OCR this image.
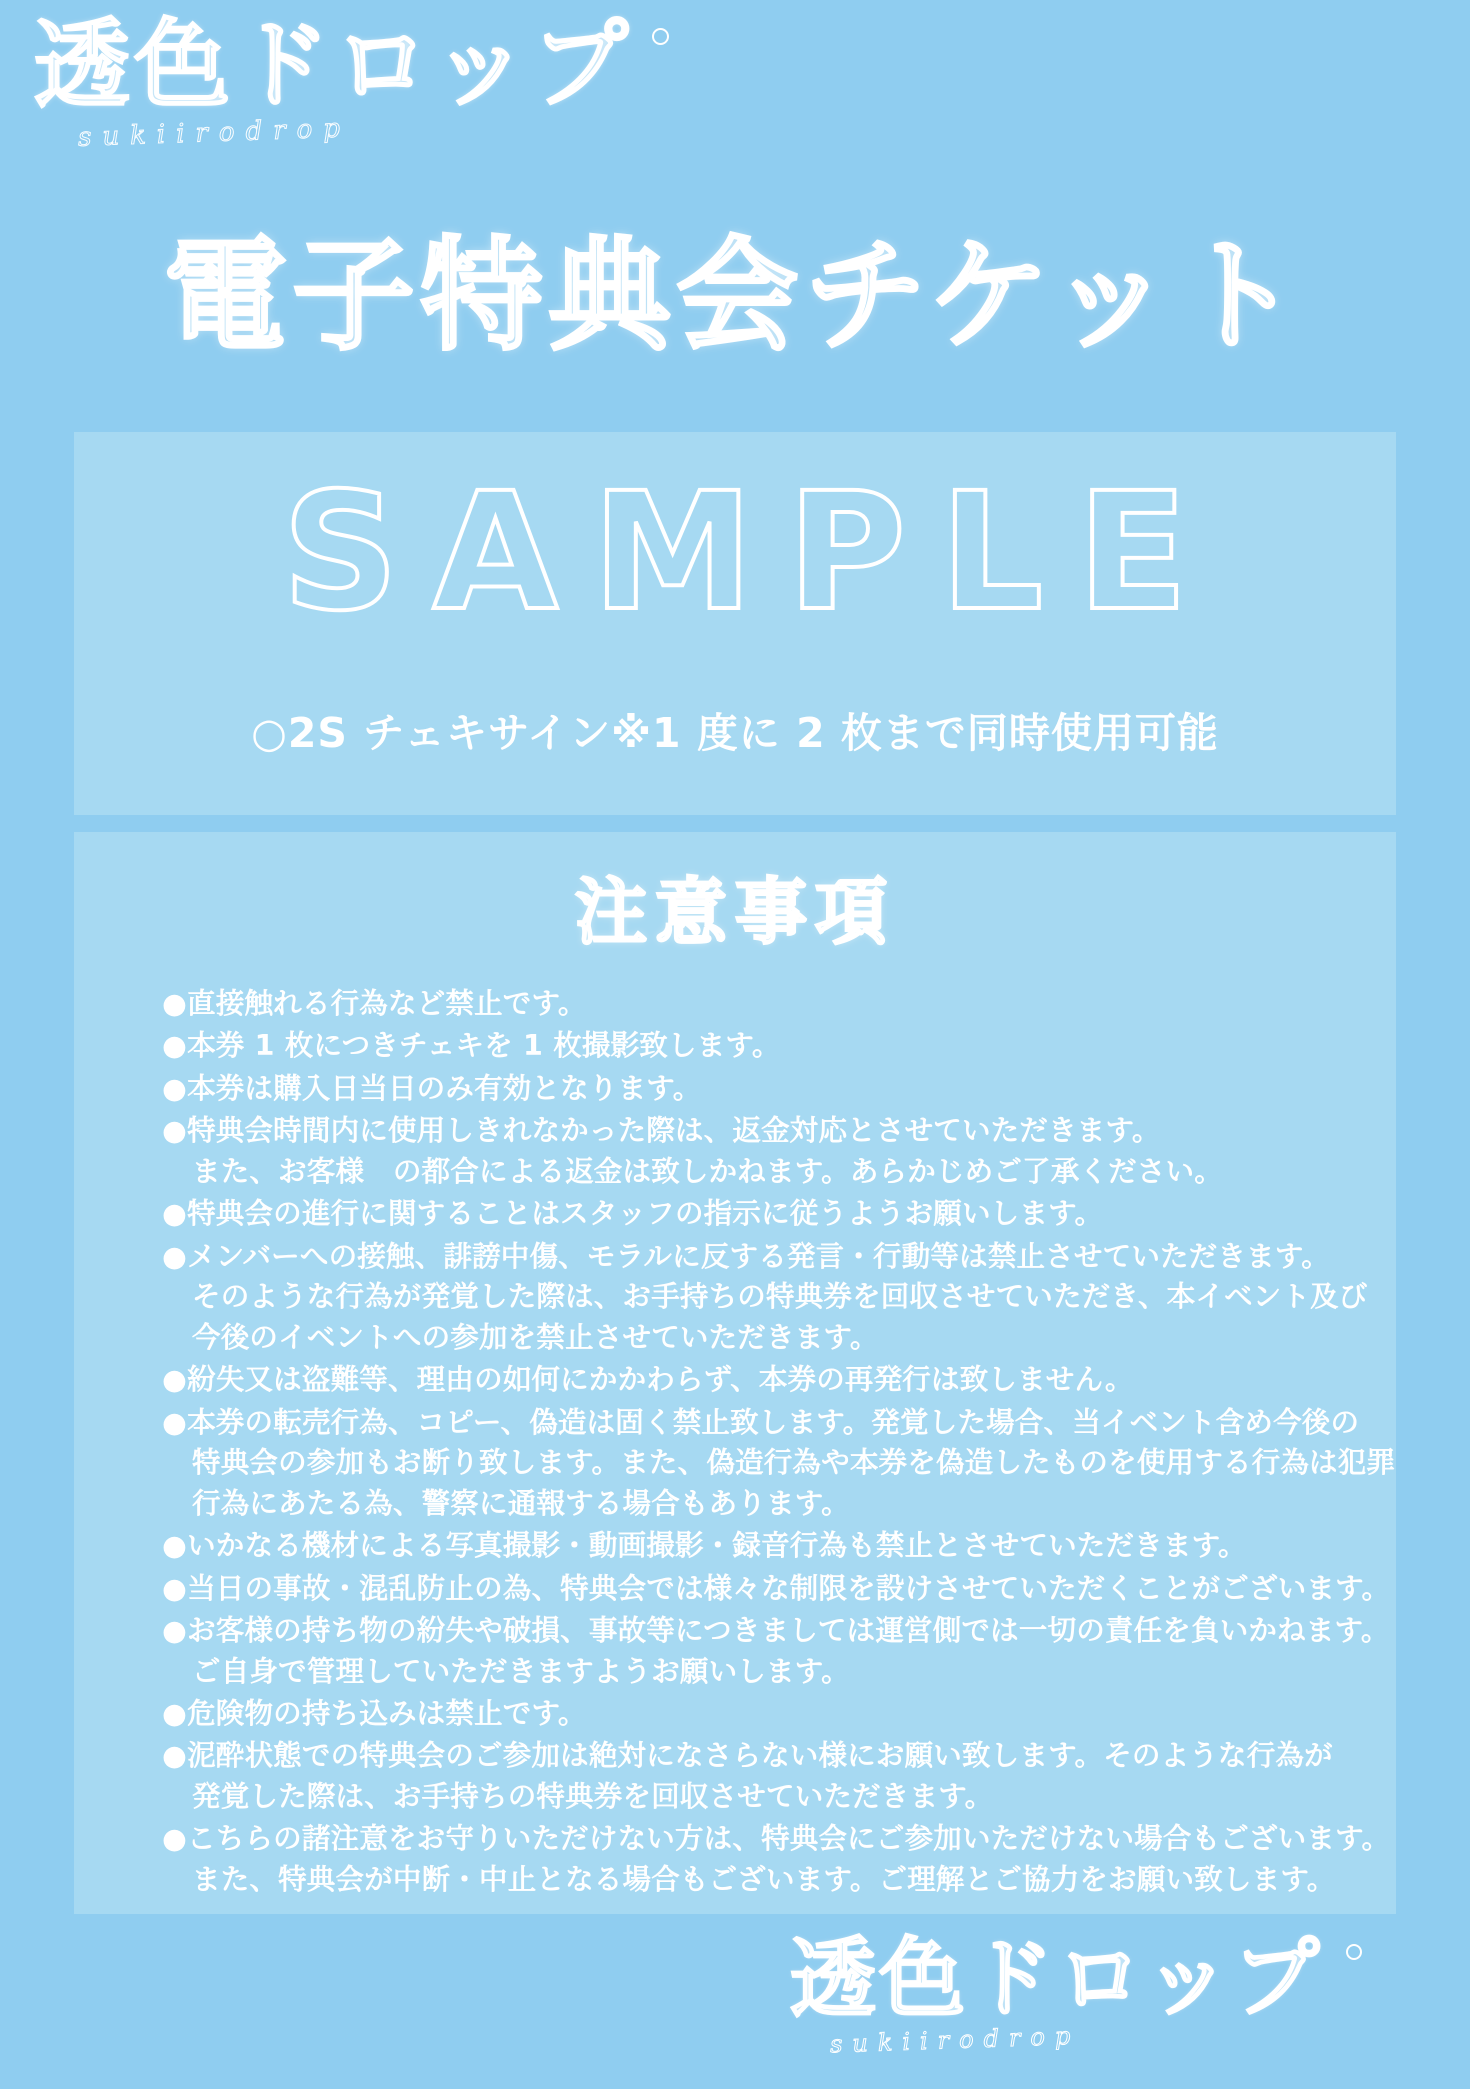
透色ドロップ
sukiirodrop
電子特典会チケット
SAMPLE
○2S チェキサイン※1 度に 2 枚まで同時使用可能
注意事項
●直接触れる行為など禁止です。
●本券 1 枚につきチェキを 1 枚撮影致します。
●本券は購入日当日のみ有効となります。
●特典会時間内に使用しきれなかった際は、返金対応とさせていただきます。
また、お客様　の都合による返金は致しかねます。あらかじめご了承ください。
●特典会の進行に関することはスタッフの指示に従うようお願いします。
●メンバーへの接触、誹謗中傷、モラルに反する発言・行動等は禁止させていただきます。
そのような行為が発覚した際は、お手持ちの特典券を回収させていただき、本イベント及び
今後のイベントへの参加を禁止させていただきます。
●紛失又は盗難等、理由の如何にかかわらず、本券の再発行は致しません。
●本券の転売行為、コピー、偽造は固く禁止致します。発覚した場合、当イベント含め今後の
特典会の参加もお断り致します。また、偽造行為や本券を偽造したものを使用する行為は犯罪
行為にあたる為、警察に通報する場合もあります。
●いかなる機材による写真撮影・動画撮影・録音行為も禁止とさせていただきます。
●当日の事故・混乱防止の為、特典会では様々な制限を設けさせていただくことがございます。
●お客様の持ち物の紛失や破損、事故等につきましては運営側では一切の責任を負いかねます。
ご自身で管理していただきますようお願いします。
●危険物の持ち込みは禁止です。
●泥酔状態での特典会のご参加は絶対になさらない様にお願い致します。そのような行為が
発覚した際は、お手持ちの特典券を回収させていただきます。
●こちらの諸注意をお守りいただけない方は、特典会にご参加いただけない場合もございます。
また、特典会が中断・中止となる場合もございます。ご理解とご協力をお願い致します。
透色ドロップ
sukiirodrop
